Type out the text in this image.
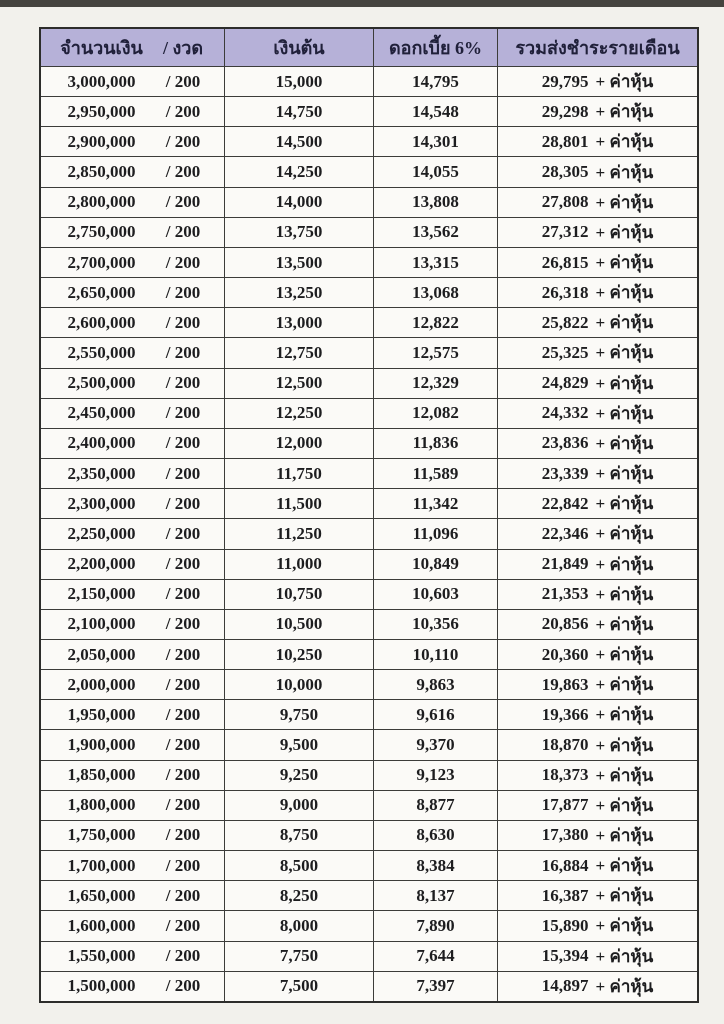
จำนวนเงิน	/ งวด	เงินต้น	ดอกเบี้ย 6%	รวมส่งชำระรายเดือน
3,000,000	/ 200	15,000	14,795	29,795 + ค่าหุ้น
2,950,000	/ 200	14,750	14,548	29,298 + ค่าหุ้น
2,900,000	/ 200	14,500	14,301	28,801 + ค่าหุ้น
2,850,000	/ 200	14,250	14,055	28,305 + ค่าหุ้น
2,800,000	/ 200	14,000	13,808	27,808 + ค่าหุ้น
2,750,000	/ 200	13,750	13,562	27,312 + ค่าหุ้น
2,700,000	/ 200	13,500	13,315	26,815 + ค่าหุ้น
2,650,000	/ 200	13,250	13,068	26,318 + ค่าหุ้น
2,600,000	/ 200	13,000	12,822	25,822 + ค่าหุ้น
2,550,000	/ 200	12,750	12,575	25,325 + ค่าหุ้น
2,500,000	/ 200	12,500	12,329	24,829 + ค่าหุ้น
2,450,000	/ 200	12,250	12,082	24,332 + ค่าหุ้น
2,400,000	/ 200	12,000	11,836	23,836 + ค่าหุ้น
2,350,000	/ 200	11,750	11,589	23,339 + ค่าหุ้น
2,300,000	/ 200	11,500	11,342	22,842 + ค่าหุ้น
2,250,000	/ 200	11,250	11,096	22,346 + ค่าหุ้น
2,200,000	/ 200	11,000	10,849	21,849 + ค่าหุ้น
2,150,000	/ 200	10,750	10,603	21,353 + ค่าหุ้น
2,100,000	/ 200	10,500	10,356	20,856 + ค่าหุ้น
2,050,000	/ 200	10,250	10,110	20,360 + ค่าหุ้น
2,000,000	/ 200	10,000	9,863	19,863 + ค่าหุ้น
1,950,000	/ 200	9,750	9,616	19,366 + ค่าหุ้น
1,900,000	/ 200	9,500	9,370	18,870 + ค่าหุ้น
1,850,000	/ 200	9,250	9,123	18,373 + ค่าหุ้น
1,800,000	/ 200	9,000	8,877	17,877 + ค่าหุ้น
1,750,000	/ 200	8,750	8,630	17,380 + ค่าหุ้น
1,700,000	/ 200	8,500	8,384	16,884 + ค่าหุ้น
1,650,000	/ 200	8,250	8,137	16,387 + ค่าหุ้น
1,600,000	/ 200	8,000	7,890	15,890 + ค่าหุ้น
1,550,000	/ 200	7,750	7,644	15,394 + ค่าหุ้น
1,500,000	/ 200	7,500	7,397	14,897 + ค่าหุ้น
